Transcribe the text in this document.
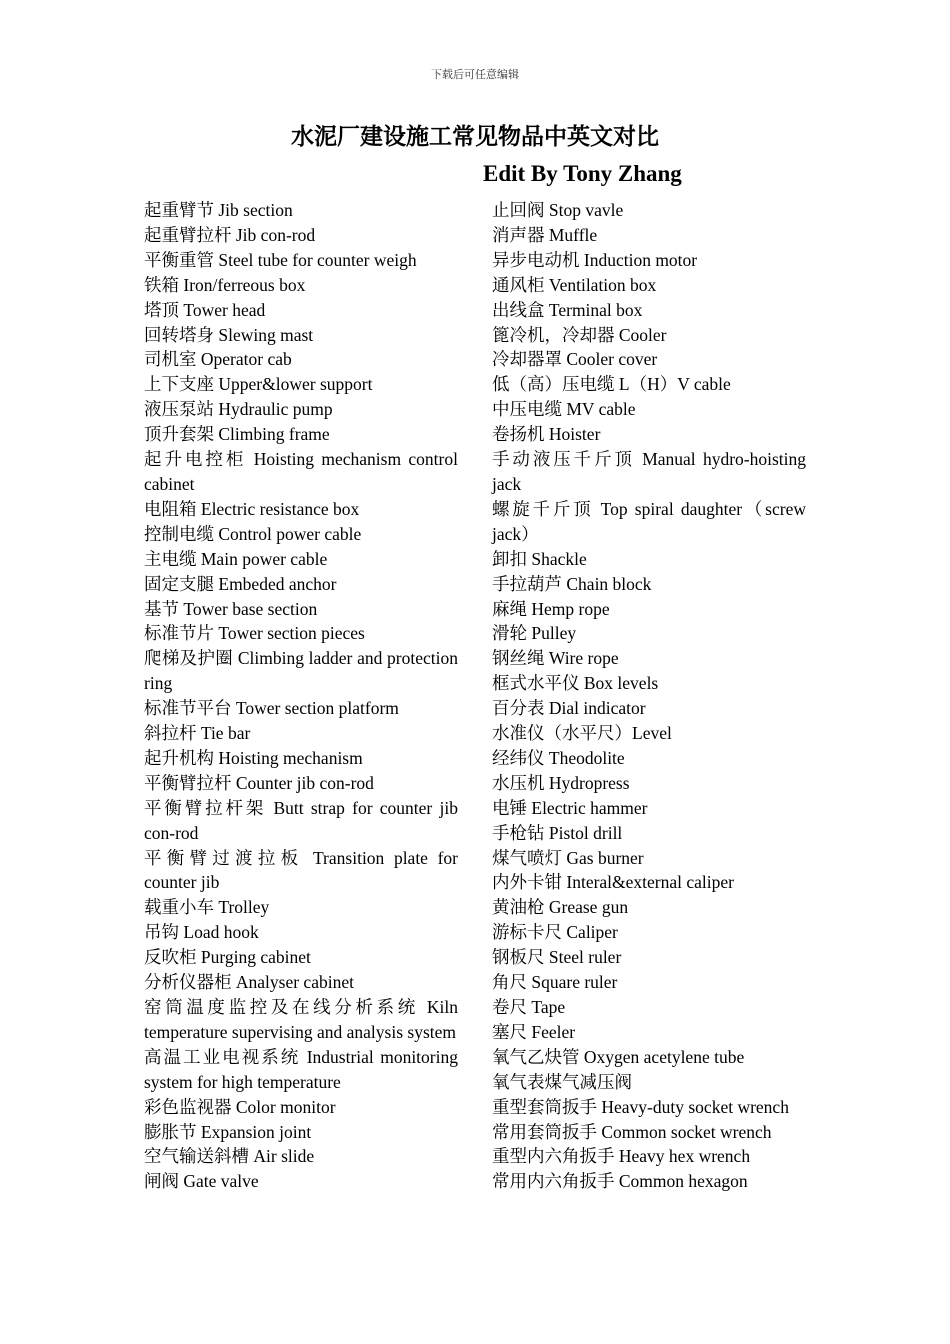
下载后可任意编辑
水泥厂建设施工常见物品中英文对比
Edit By Tony Zhang

起重臂节 Jib section

起重臂拉杆 Jib con-rod

平衡重管 Steel tube for counter weigh

铁箱 Iron/ferreous box

塔顶 Tower head

回转塔身 Slewing mast

司机室 Operator cab

上下支座 Upper&lower support

液压泵站 Hydraulic pump

顶升套架 Climbing frame

起升电控柜 Hoisting mechanism control cabinet

电阻箱 Electric resistance box

控制电缆 Control power cable

主电缆 Main power cable

固定支腿 Embeded anchor

基节 Tower base section

标准节片 Tower section pieces

爬梯及护圈 Climbing ladder and protection ring

标准节平台 Tower section platform

斜拉杆 Tie bar

起升机构 Hoisting mechanism

平衡臂拉杆 Counter jib con-rod

平衡臂拉杆架 Butt strap for counter jib con-rod

平衡臂过渡拉板 Transition plate for counter jib

载重小车 Trolley

吊钩 Load hook

反吹柜 Purging cabinet

分析仪器柜 Analyser cabinet

窑筒温度监控及在线分析系统 Kiln temperature supervising and analysis system

高温工业电视系统 Industrial monitoring system for high temperature

彩色监视器 Color monitor

膨胀节 Expansion joint

空气输送斜槽 Air slide

闸阀 Gate valve

止回阀 Stop vavle

消声器 Muffle

异步电动机 Induction motor

通风柜 Ventilation box

出线盒 Terminal box

篦冷机，冷却器 Cooler

冷却器罩 Cooler cover

低（高）压电缆 L（H）V cable

中压电缆 MV cable

卷扬机 Hoister

手动液压千斤顶 Manual hydro-hoisting jack

螺旋千斤顶 Top spiral daughter（screw jack）

卸扣 Shackle

手拉葫芦 Chain block

麻绳 Hemp rope

滑轮 Pulley

钢丝绳 Wire rope

框式水平仪 Box levels

百分表 Dial indicator

水准仪（水平尺）Level

经纬仪 Theodolite

水压机 Hydropress

电锤 Electric hammer

手枪钻 Pistol drill

煤气喷灯 Gas burner

内外卡钳 Interal&external caliper

黄油枪 Grease gun

游标卡尺 Caliper

钢板尺 Steel ruler

角尺 Square ruler

卷尺 Tape

塞尺 Feeler

氧气乙炔管 Oxygen acetylene tube

氧气表煤气减压阀

重型套筒扳手 Heavy-duty socket wrench

常用套筒扳手 Common socket wrench

重型内六角扳手 Heavy hex wrench

常用内六角扳手 Common hexagon
